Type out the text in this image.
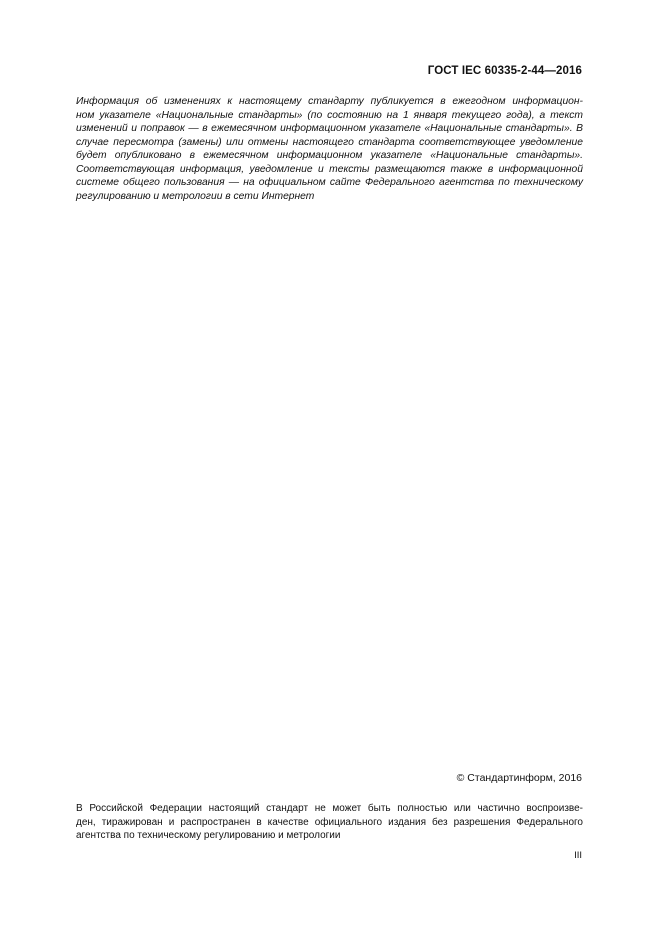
ГОСТ IEC 60335-2-44—2016
Информация об изменениях к настоящему стандарту публикуется в ежегодном информацион-
ном указателе «Национальные стандарты» (по состоянию на 1 января текущего года), а текст
изменений и поправок — в ежемесячном информационном указателе «Национальные стандарты». В
случае пересмотра (замены) или отмены настоящего стандарта соответствующее уведомление
будет опубликовано в ежемесячном информационном указателе «Национальные стандарты».
Соответствующая информация, уведомление и тексты размещаются также в информационной
системе общего пользования — на официальном сайте Федерального агентства по техническому
регулированию и метрологии в сети Интернет
© Стандартинформ, 2016
В Российской Федерации настоящий стандарт не может быть полностью или частично воспроизве-
ден, тиражирован и распространен в качестве официального издания без разрешения Федерального
агентства по техническому регулированию и метрологии
III
